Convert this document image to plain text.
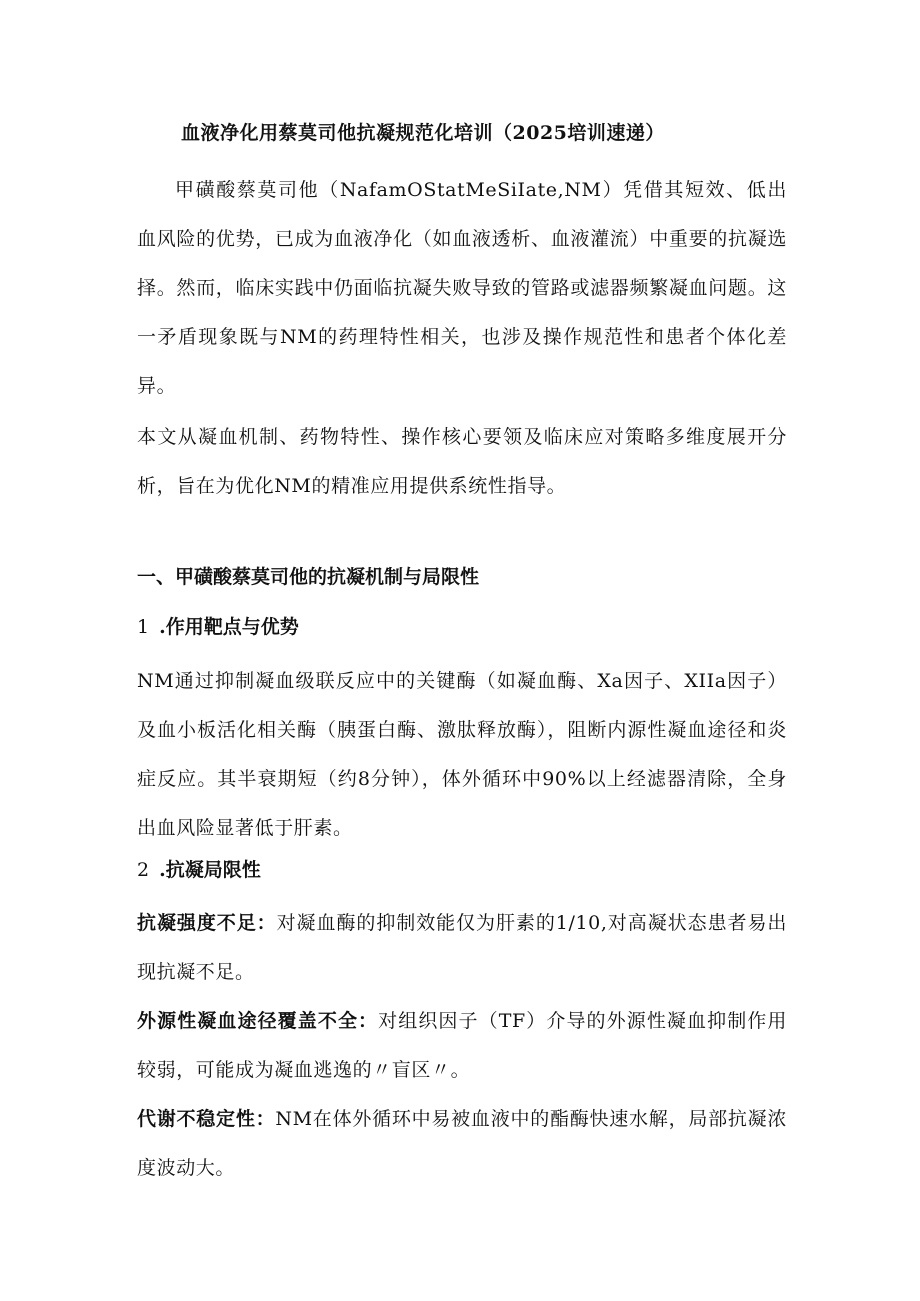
血液净化用蔡莫司他抗凝规范化培训（2025培训速递）

甲磺酸蔡莫司他（NafamOStatMeSiIate,NM）凭借其短效、低出血风险的优势，已成为血液净化（如血液透析、血液灌流）中重要的抗凝选择。然而，临床实践中仍面临抗凝失败导致的管路或滤器频繁凝血问题。这一矛盾现象既与NM的药理特性相关，也涉及操作规范性和患者个体化差异。

本文从凝血机制、药物特性、操作核心要领及临床应对策略多维度展开分析，旨在为优化NM的精准应用提供系统性指导。

一、甲磺酸蔡莫司他的抗凝机制与局限性
1 .作用靶点与优势

NM通过抑制凝血级联反应中的关键酶（如凝血酶、Xa因子、XIIa因子）及血小板活化相关酶（胰蛋白酶、激肽释放酶），阻断内源性凝血途径和炎症反应。其半衰期短（约8分钟），体外循环中90%以上经滤器清除，全身出血风险显著低于肝素。

2 .抗凝局限性

抗凝强度不足：对凝血酶的抑制效能仅为肝素的1/10,对高凝状态患者易出现抗凝不足。

外源性凝血途径覆盖不全：对组织因子（TF）介导的外源性凝血抑制作用较弱，可能成为凝血逃逸的〃盲区〃。

代谢不稳定性：NM在体外循环中易被血液中的酯酶快速水解，局部抗凝浓度波动大。
